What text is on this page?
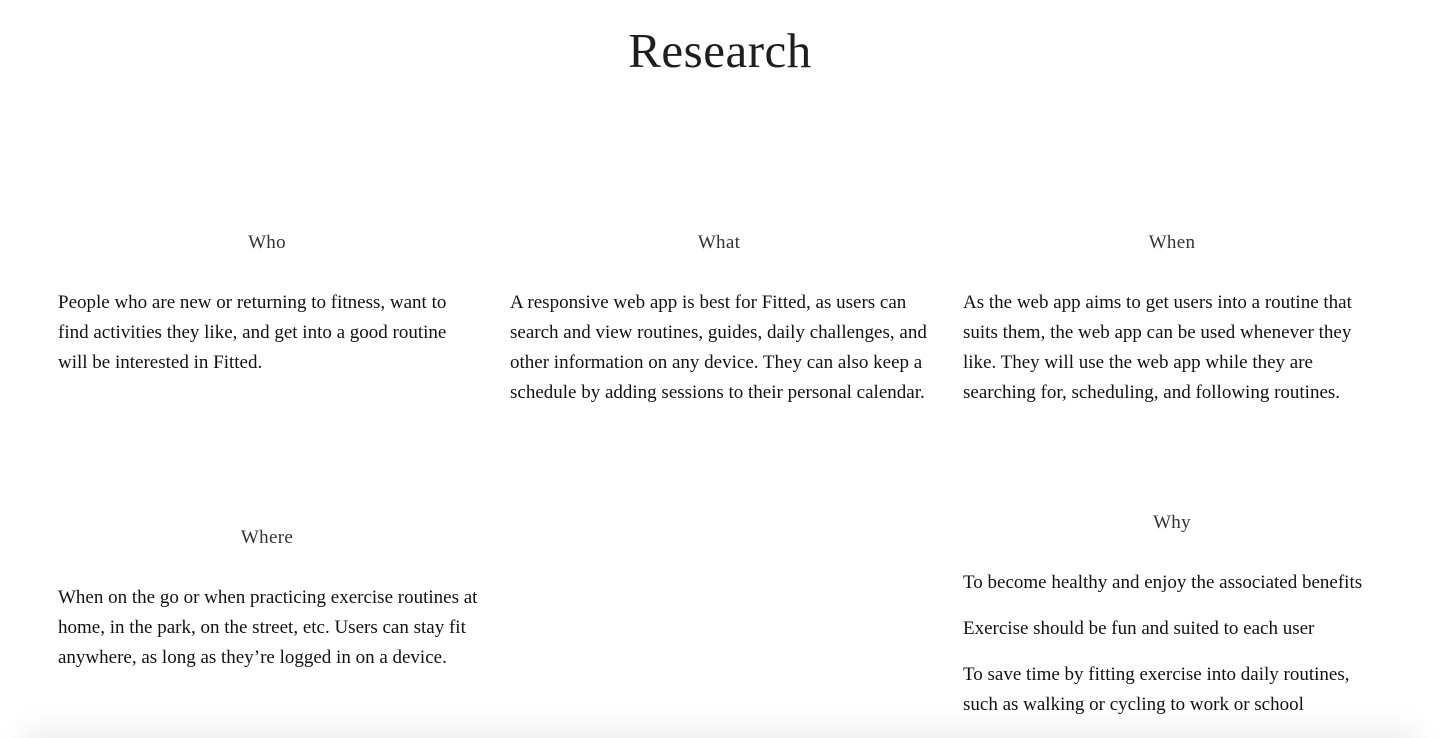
Research
Who

People who are new or returning to fitness, want to find activities they like, and get into a good routine will be interested in Fitted.

What

A responsive web app is best for Fitted, as users can search and view routines, guides, daily challenges, and other information on any device. They can also keep a schedule by adding sessions to their personal calendar.

When

As the web app aims to get users into a routine that suits them, the web app can be used whenever they like. They will use the web app while they are searching for, scheduling, and following routines.

Where

When on the go or when practicing exercise routines at home, in the park, on the street, etc. Users can stay fit anywhere, as long as they’re logged in on a device.

Why

To become healthy and enjoy the associated benefits

Exercise should be fun and suited to each user

To save time by fitting exercise into daily routines, such as walking or cycling to work or school
